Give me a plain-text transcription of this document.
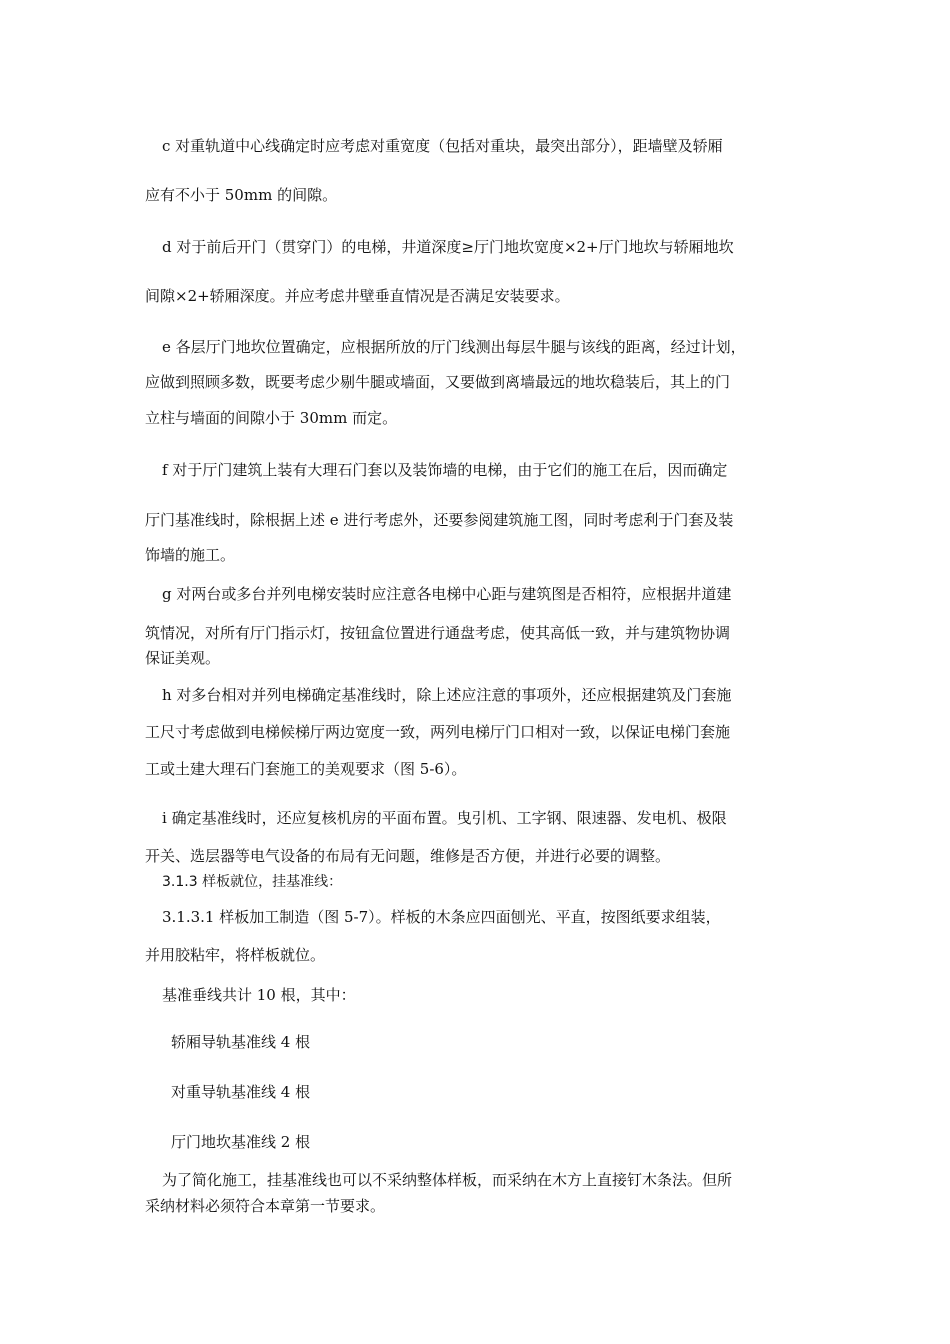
c 对重轨道中心线确定时应考虑对重宽度（包括对重块，最突出部分），距墙壁及轿厢
应有不小于 50mm 的间隙。
d 对于前后开门（贯穿门）的电梯，井道深度≥厅门地坎宽度×2+厅门地坎与轿厢地坎
间隙×2+轿厢深度。并应考虑井壁垂直情况是否满足安装要求。
e 各层厅门地坎位置确定，应根据所放的厅门线测出每层牛腿与该线的距离，经过计划，
应做到照顾多数，既要考虑少剔牛腿或墙面，又要做到离墙最远的地坎稳装后，其上的门
立柱与墙面的间隙小于 30mm 而定。
f 对于厅门建筑上装有大理石门套以及装饰墙的电梯，由于它们的施工在后，因而确定
厅门基准线时，除根据上述 e 进行考虑外，还要参阅建筑施工图，同时考虑利于门套及装
饰墙的施工。
g 对两台或多台并列电梯安装时应注意各电梯中心距与建筑图是否相符，应根据井道建
筑情况，对所有厅门指示灯，按钮盒位置进行通盘考虑，使其高低一致，并与建筑物协调
保证美观。
h 对多台相对并列电梯确定基准线时，除上述应注意的事项外，还应根据建筑及门套施
工尺寸考虑做到电梯候梯厅两边宽度一致，两列电梯厅门口相对一致，以保证电梯门套施
工或土建大理石门套施工的美观要求（图 5-6）。
i 确定基准线时，还应复核机房的平面布置。曳引机、工字钢、限速器、发电机、极限
开关、选层器等电气设备的布局有无问题，维修是否方便，并进行必要的调整。
3.1.3 样板就位，挂基准线：
3.1.3.1 样板加工制造（图 5-7）。样板的木条应四面刨光、平直，按图纸要求组装，
并用胶粘牢，将样板就位。
基准垂线共计 10 根，其中：
轿厢导轨基准线 4 根
对重导轨基准线 4 根
厅门地坎基准线 2 根
为了简化施工，挂基准线也可以不采纳整体样板，而采纳在木方上直接钉木条法。但所
采纳材料必须符合本章第一节要求。
